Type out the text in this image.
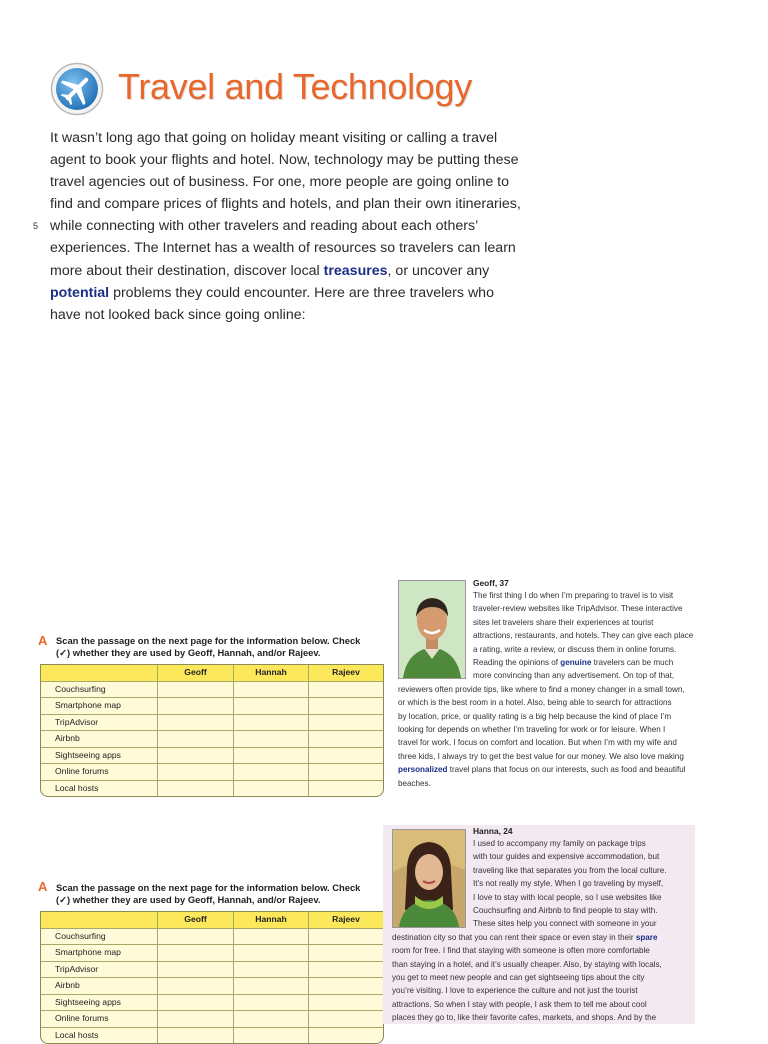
Travel and Technology
5
It wasn’t long ago that going on holiday meant visiting or calling a travel
agent to book your flights and hotel. Now, technology may be putting these
travel agencies out of business. For one, more people are going online to
find and compare prices of flights and hotels, and plan their own itineraries,
while connecting with other travelers and reading about each others’
experiences. The Internet has a wealth of resources so travelers can learn
more about their destination, discover local treasures, or uncover any
potential problems they could encounter. Here are three travelers who
have not looked back since going online:
A Scan the passage on the next page for the information below. Check
(✓) whether they are used by Geoff, Hannah, and/or Rajeev.
Geoff	Hannah	Rajeev
Couchsurfing
Smartphone map
TripAdvisor
Airbnb
Sightseeing apps
Online forums
Local hosts
A Scan the passage on the next page for the information below. Check
(✓) whether they are used by Geoff, Hannah, and/or Rajeev.
Geoff	Hannah	Rajeev
Couchsurfing
Smartphone map
TripAdvisor
Airbnb
Sightseeing apps
Online forums
Local hosts
Geoff, 37
The first thing I do when I’m preparing to travel is to visit
traveler-review websites like TripAdvisor. These interactive
sites let travelers share their experiences at tourist
attractions, restaurants, and hotels. They can give each place
a rating, write a review, or discuss them in online forums.
Reading the opinions of genuine travelers can be much
more convincing than any advertisement. On top of that,
reviewers often provide tips, like where to find a money changer in a small town,
or which is the best room in a hotel. Also, being able to search for attractions
by location, price, or quality rating is a big help because the kind of place I’m
looking for depends on whether I’m traveling for work or for leisure. When I
travel for work, I focus on comfort and location. But when I’m with my wife and
three kids, I always try to get the best value for our money. We also love making
personalized travel plans that focus on our interests, such as food and beautiful
beaches.
Hanna, 24
I used to accompany my family on package trips
with tour guides and expensive accommodation, but
traveling like that separates you from the local culture.
It’s not really my style. When I go traveling by myself,
I love to stay with local people, so I use websites like
Couchsurfing and Airbnb to find people to stay with.
These sites help you connect with someone in your
destination city so that you can rent their space or even stay in their spare
room for free. I find that staying with someone is often more comfortable
than staying in a hotel, and it’s usually cheaper. Also, by staying with locals,
you get to meet new people and can get sightseeing tips about the city
you’re visiting. I love to experience the culture and not just the tourist
attractions. So when I stay with people, I ask them to tell me about cool
places they go to, like their favorite cafes, markets, and shops. And by the
